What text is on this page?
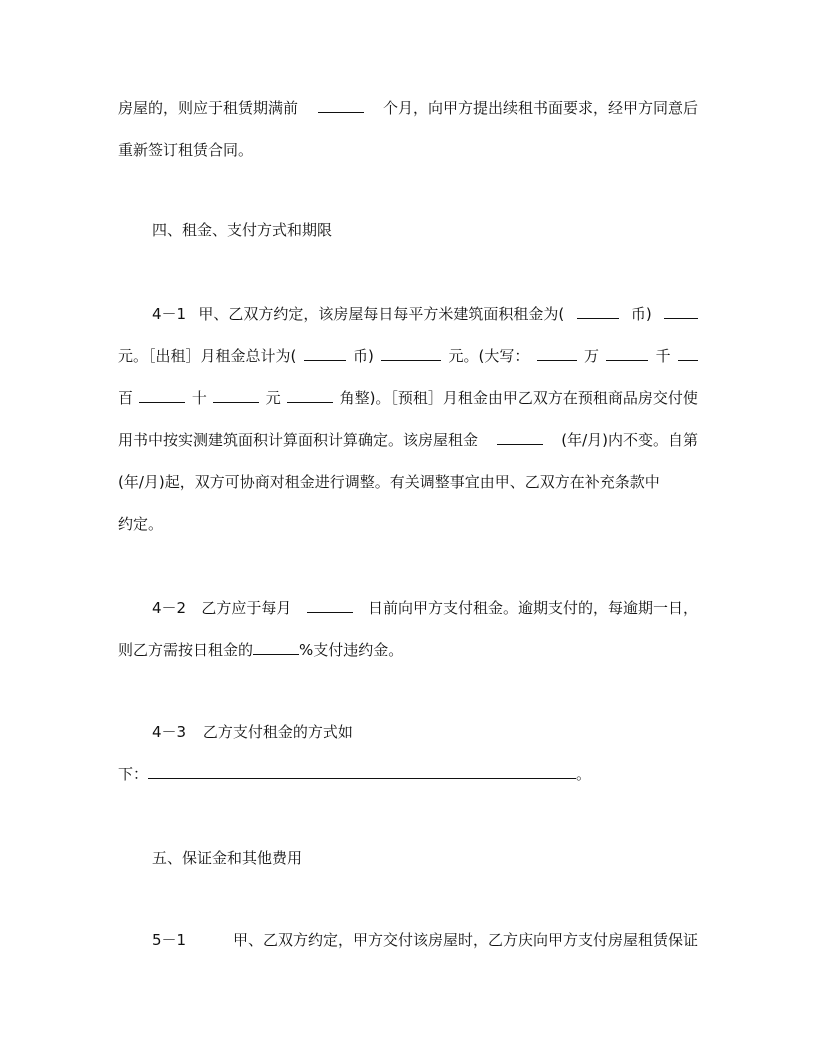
房屋的，则应于租赁期满前	个月，向甲方提出续租书面要求，经甲方同意后
重新签订租赁合同。
四、租金、支付方式和期限
4－1 甲、乙双方约定，该房屋每日每平方米建筑面积租金为(	币)
元。［出租］月租金总计为(	币)	元。(大写：	万	千
百	十	元	角整)。［预租］月租金由甲乙双方在预租商品房交付使
用书中按实测建筑面积计算面积计算确定。该房屋租金	(年/月)内不变。自第
(年/月)起，双方可协商对租金进行调整。有关调整事宜由甲、乙双方在补充条款中
约定。
4－2 乙方应于每月	日前向甲方支付租金。逾期支付的，每逾期一日，
则乙方需按日租金的	%支付违约金。
4－3 乙方支付租金的方式如
下：	。
五、保证金和其他费用
5－1	甲、乙双方约定，甲方交付该房屋时，乙方庆向甲方支付房屋租赁保证
